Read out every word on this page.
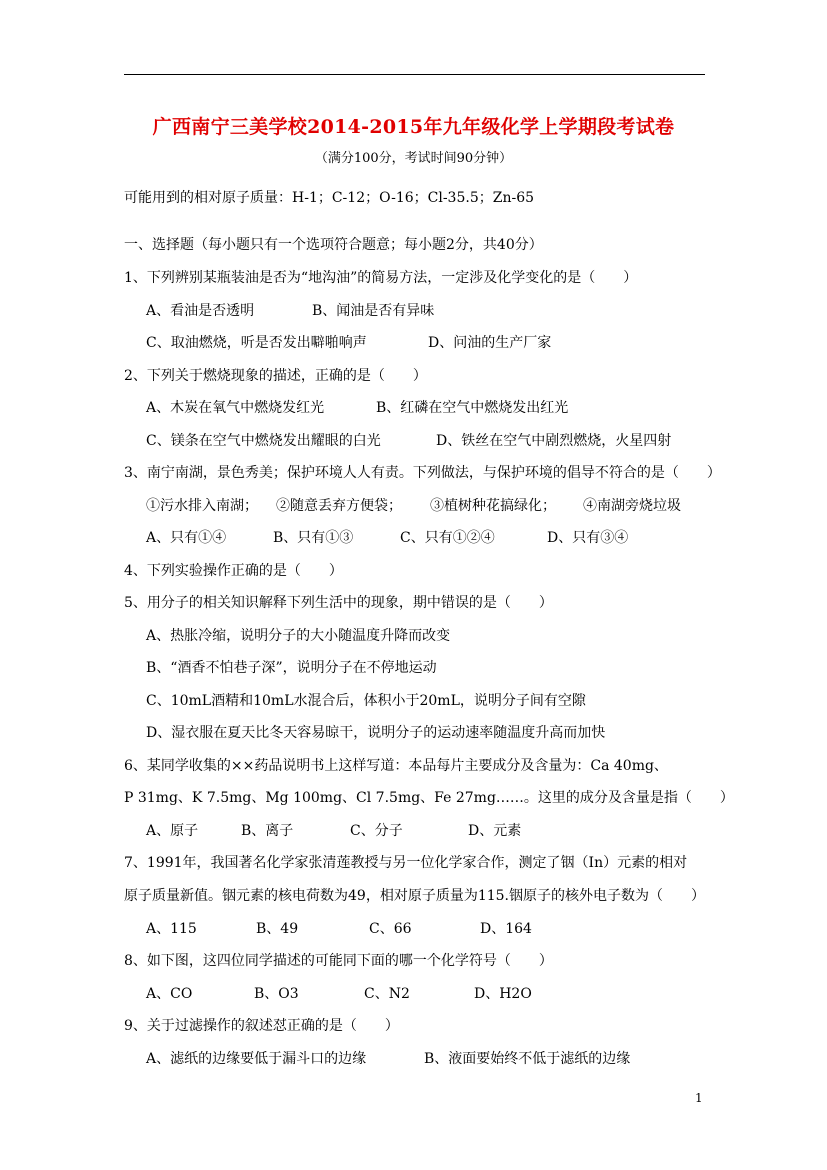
广西南宁三美学校2014-2015年九年级化学上学期段考试卷
（满分100分，考试时间90分钟）
可能用到的相对原子质量：H-1；C-12；O-16；Cl-35.5；Zn-65
一、选择题（每小题只有一个选项符合题意；每小题2分，共40分）
1、下列辨别某瓶装油是否为“地沟油”的简易方法，一定涉及化学变化的是（　　）
A、看油是否透明	B、闻油是否有异味
C、取油燃烧，听是否发出噼啪响声	D、问油的生产厂家
2、下列关于燃烧现象的描述，正确的是（　　）
A、木炭在氧气中燃烧发红光	B、红磷在空气中燃烧发出红光
C、镁条在空气中燃烧发出耀眼的白光	D、铁丝在空气中剧烈燃烧，火星四射
3、南宁南湖，景色秀美；保护环境人人有责。下列做法，与保护环境的倡导不符合的是（　　）
①污水排入南湖； ②随意丢弃方便袋； ③植树种花搞绿化； ④南湖旁烧垃圾
A、只有①④	B、只有①③	C、只有①②④	D、只有③④
4、下列实验操作正确的是（　　）
5、用分子的相关知识解释下列生活中的现象，期中错误的是（　　）
A、热胀冷缩，说明分子的大小随温度升降而改变
B、“酒香不怕巷子深”，说明分子在不停地运动
C、10mL酒精和10mL水混合后，体积小于20mL，说明分子间有空隙
D、湿衣服在夏天比冬天容易晾干，说明分子的运动速率随温度升高而加快
6、某同学收集的××药品说明书上这样写道：本品每片主要成分及含量为：Ca 40mg、
P 31mg、K 7.5mg、Mg 100mg、Cl 7.5mg、Fe 27mg……。这里的成分及含量是指（　　）
A、原子	B、离子	C、分子	D、元素
7、1991年，我国著名化学家张清莲教授与另一位化学家合作，测定了铟（In）元素的相对
原子质量新值。铟元素的核电荷数为49，相对原子质量为115.铟原子的核外电子数为（　　）
A、115	B、49	C、66	D、164
8、如下图，这四位同学描述的可能同下面的哪一个化学符号（　　）
A、CO	B、O3	C、N2	D、H2O
9、关于过滤操作的叙述怼正确的是（　　）
A、滤纸的边缘要低于漏斗口的边缘	B、液面要始终不低于滤纸的边缘
1
